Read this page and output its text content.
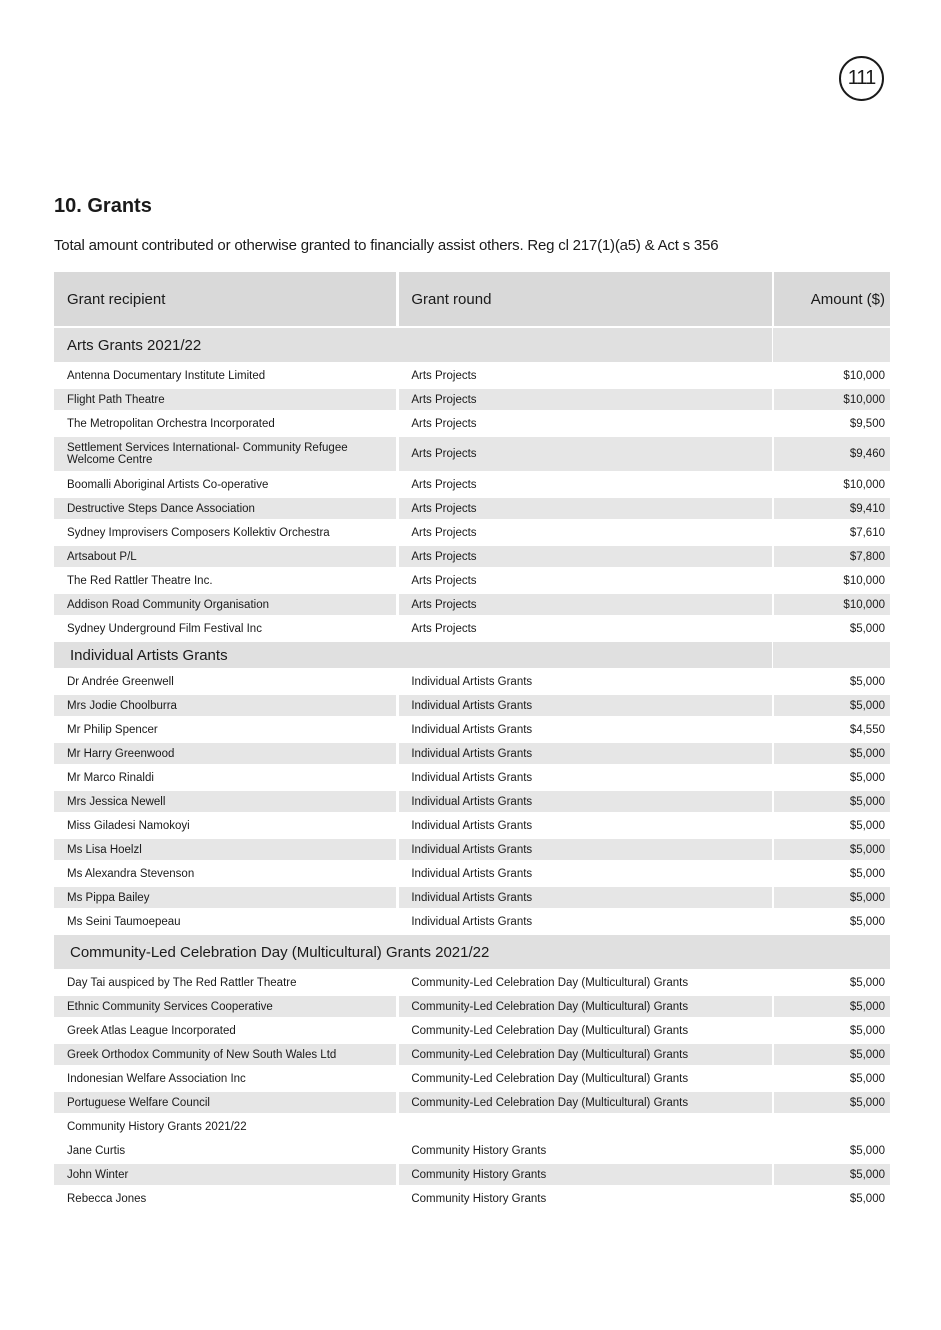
111
10. Grants

Total amount contributed or otherwise granted to financially assist others. Reg cl 217(1)(a5) & Act s 356

Grant recipient	Grant round	Amount ($)
Arts Grants 2021/22
Antenna Documentary Institute Limited	Arts Projects	$10,000
Flight Path Theatre	Arts Projects	$10,000
The Metropolitan Orchestra Incorporated	Arts Projects	$9,500
Settlement Services International- Community Refugee Welcome Centre	Arts Projects	$9,460
Boomalli Aboriginal Artists Co-operative	Arts Projects	$10,000
Destructive Steps Dance Association	Arts Projects	$9,410
Sydney Improvisers Composers Kollektiv Orchestra	Arts Projects	$7,610
Artsabout P/L	Arts Projects	$7,800
The Red Rattler Theatre Inc.	Arts Projects	$10,000
Addison Road Community Organisation	Arts Projects	$10,000
Sydney Underground Film Festival Inc	Arts Projects	$5,000
Individual Artists Grants
Dr Andrée Greenwell	Individual Artists Grants	$5,000
Mrs Jodie Choolburra	Individual Artists Grants	$5,000
Mr Philip Spencer	Individual Artists Grants	$4,550
Mr Harry Greenwood	Individual Artists Grants	$5,000
Mr Marco Rinaldi	Individual Artists Grants	$5,000
Mrs Jessica Newell	Individual Artists Grants	$5,000
Miss Giladesi Namokoyi	Individual Artists Grants	$5,000
Ms Lisa Hoelzl	Individual Artists Grants	$5,000
Ms Alexandra Stevenson	Individual Artists Grants	$5,000
Ms Pippa Bailey	Individual Artists Grants	$5,000
Ms Seini Taumoepeau	Individual Artists Grants	$5,000
Community-Led Celebration Day (Multicultural) Grants 2021/22
Day Tai auspiced by The Red Rattler Theatre	Community-Led Celebration Day (Multicultural) Grants	$5,000
Ethnic Community Services Cooperative	Community-Led Celebration Day (Multicultural) Grants	$5,000
Greek Atlas League Incorporated	Community-Led Celebration Day (Multicultural) Grants	$5,000
Greek Orthodox Community of New South Wales Ltd	Community-Led Celebration Day (Multicultural) Grants	$5,000
Indonesian Welfare Association Inc	Community-Led Celebration Day (Multicultural) Grants	$5,000
Portuguese Welfare Council	Community-Led Celebration Day (Multicultural) Grants	$5,000
Community History Grants 2021/22
Jane Curtis	Community History Grants	$5,000
John Winter	Community History Grants	$5,000
Rebecca Jones	Community History Grants	$5,000
